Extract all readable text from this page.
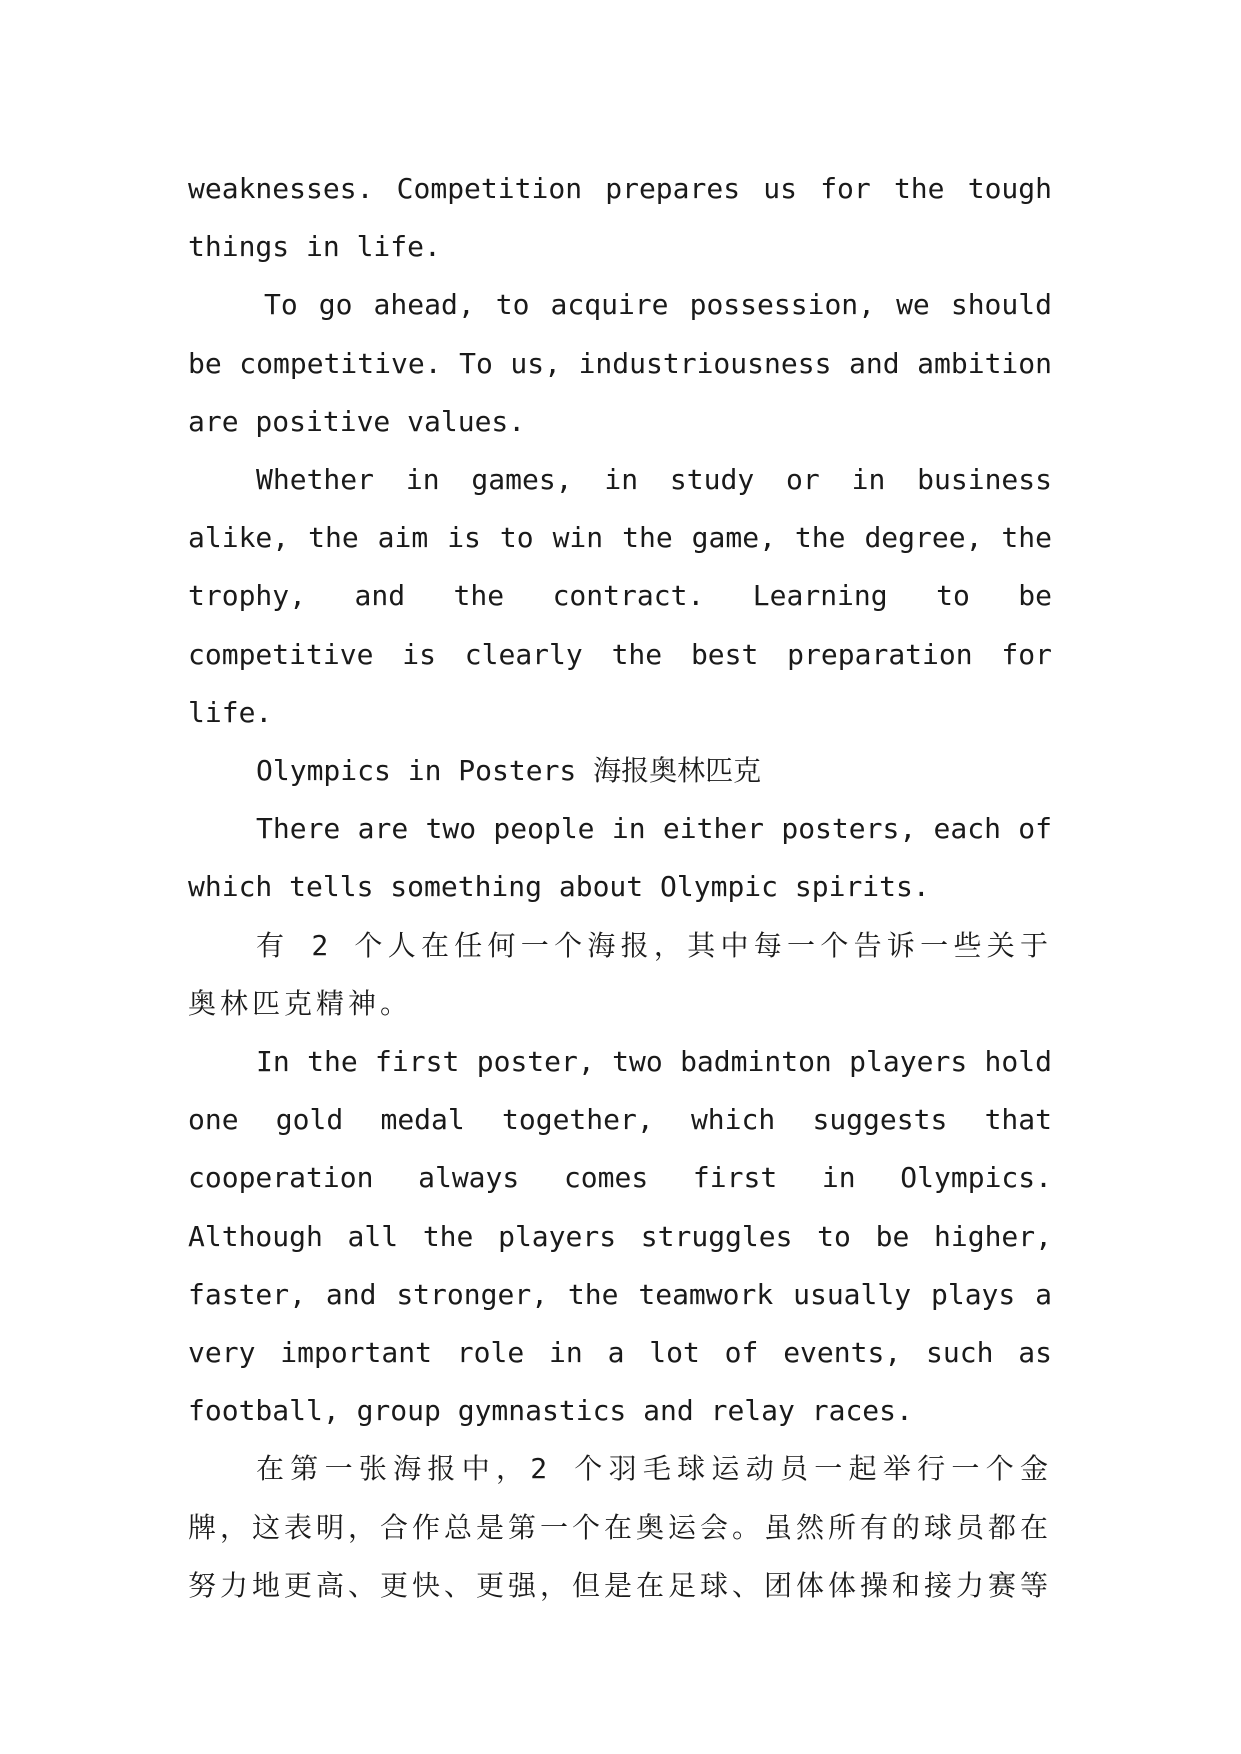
weaknesses. Competition prepares us for the tough things in life.

To go ahead, to acquire possession, we should be competitive. To us, industriousness and ambition are positive values.

Whether in games, in study or in business alike, the aim is to win the game, the degree, the trophy, and the contract. Learning to be competitive is clearly the best preparation for life.

Olympics in Posters 海报奥林匹克

There are two people in either posters, each of which tells something about Olympic spirits.

有 2 个人在任何一个海报，其中每一个告诉一些关于奥林匹克精神。

In the first poster, two badminton players hold one gold medal together, which suggests that cooperation always comes first in Olympics. Although all the players struggles to be higher, faster, and stronger, the teamwork usually plays a very important role in a lot of events, such as football, group gymnastics and relay races.

在第一张海报中，2 个羽毛球运动员一起举行一个金牌，这表明，合作总是第一个在奥运会。虽然所有的球员都在努力地更高、更快、更强，但是在足球、团体体操和接力赛等
